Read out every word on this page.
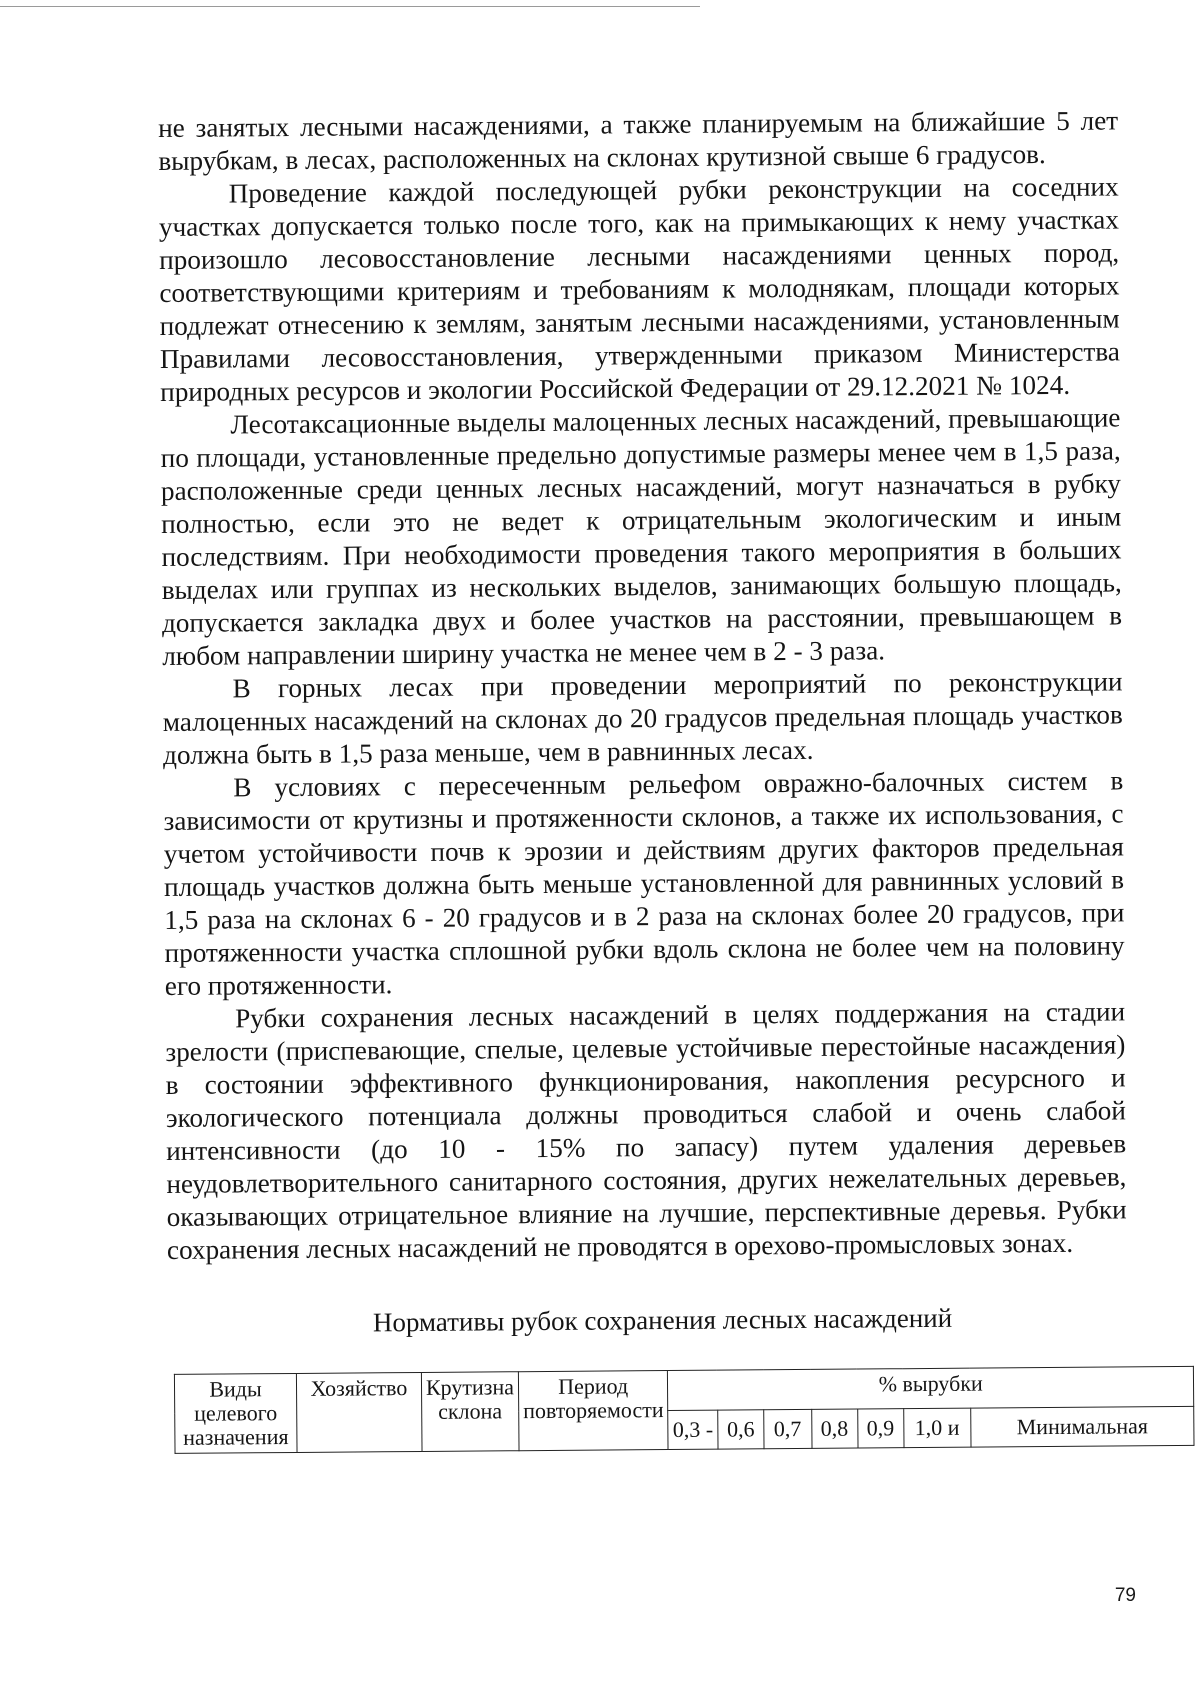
не занятых лесными насаждениями, а также планируемым на ближайшие 5 лет вырубкам, в лесах, расположенных на склонах крутизной свыше 6 градусов.

Проведение каждой последующей рубки реконструкции на соседних участках допускается только после того, как на примыкающих к нему участках произошло лесовосстановление лесными насаждениями ценных пород, соответствующими критериям и требованиям к молоднякам, площади которых подлежат отнесению к землям, занятым лесными насаждениями, установленным Правилами лесовосстановления, утвержденными приказом Министерства природных ресурсов и экологии Российской Федерации от 29.12.2021 № 1024.

Лесотаксационные выделы малоценных лесных насаждений, превышающие по площади, установленные предельно допустимые размеры менее чем в 1,5 раза, расположенные среди ценных лесных насаждений, могут назначаться в рубку полностью, если это не ведет к отрицательным экологическим и иным последствиям. При необходимости проведения такого мероприятия в больших выделах или группах из нескольких выделов, занимающих большую площадь, допускается закладка двух и более участков на расстоянии, превышающем в любом направлении ширину участка не менее чем в 2 - 3 раза.

В горных лесах при проведении мероприятий по реконструкции малоценных насаждений на склонах до 20 градусов предельная площадь участков должна быть в 1,5 раза меньше, чем в равнинных лесах.

В условиях с пересеченным рельефом овражно-балочных систем в зависимости от крутизны и протяженности склонов, а также их использования, с учетом устойчивости почв к эрозии и действиям других факторов предельная площадь участков должна быть меньше установленной для равнинных условий в 1,5 раза на склонах 6 - 20 градусов и в 2 раза на склонах более 20 градусов, при протяженности участка сплошной рубки вдоль склона не более чем на половину его протяженности.

Рубки сохранения лесных насаждений в целях поддержания на стадии зрелости (приспевающие, спелые, целевые устойчивые перестойные насаждения) в состоянии эффективного функционирования, накопления ресурсного и экологического потенциала должны проводиться слабой и очень слабой интенсивности (до 10 - 15% по запасу) путем удаления деревьев неудовлетворительного санитарного состояния, других нежелательных деревьев, оказывающих отрицательное влияние на лучшие, перспективные деревья. Рубки сохранения лесных насаждений не проводятся в орехово-промысловых зонах.

Нормативы рубок сохранения лесных насаждений
Виды целевого назначения	Хозяйство	Крутизна склона	Период повторяемости	% вырубки						
				0,3 -	0,6	0,7	0,8	0,9	1,0 и	Минимальная
79
